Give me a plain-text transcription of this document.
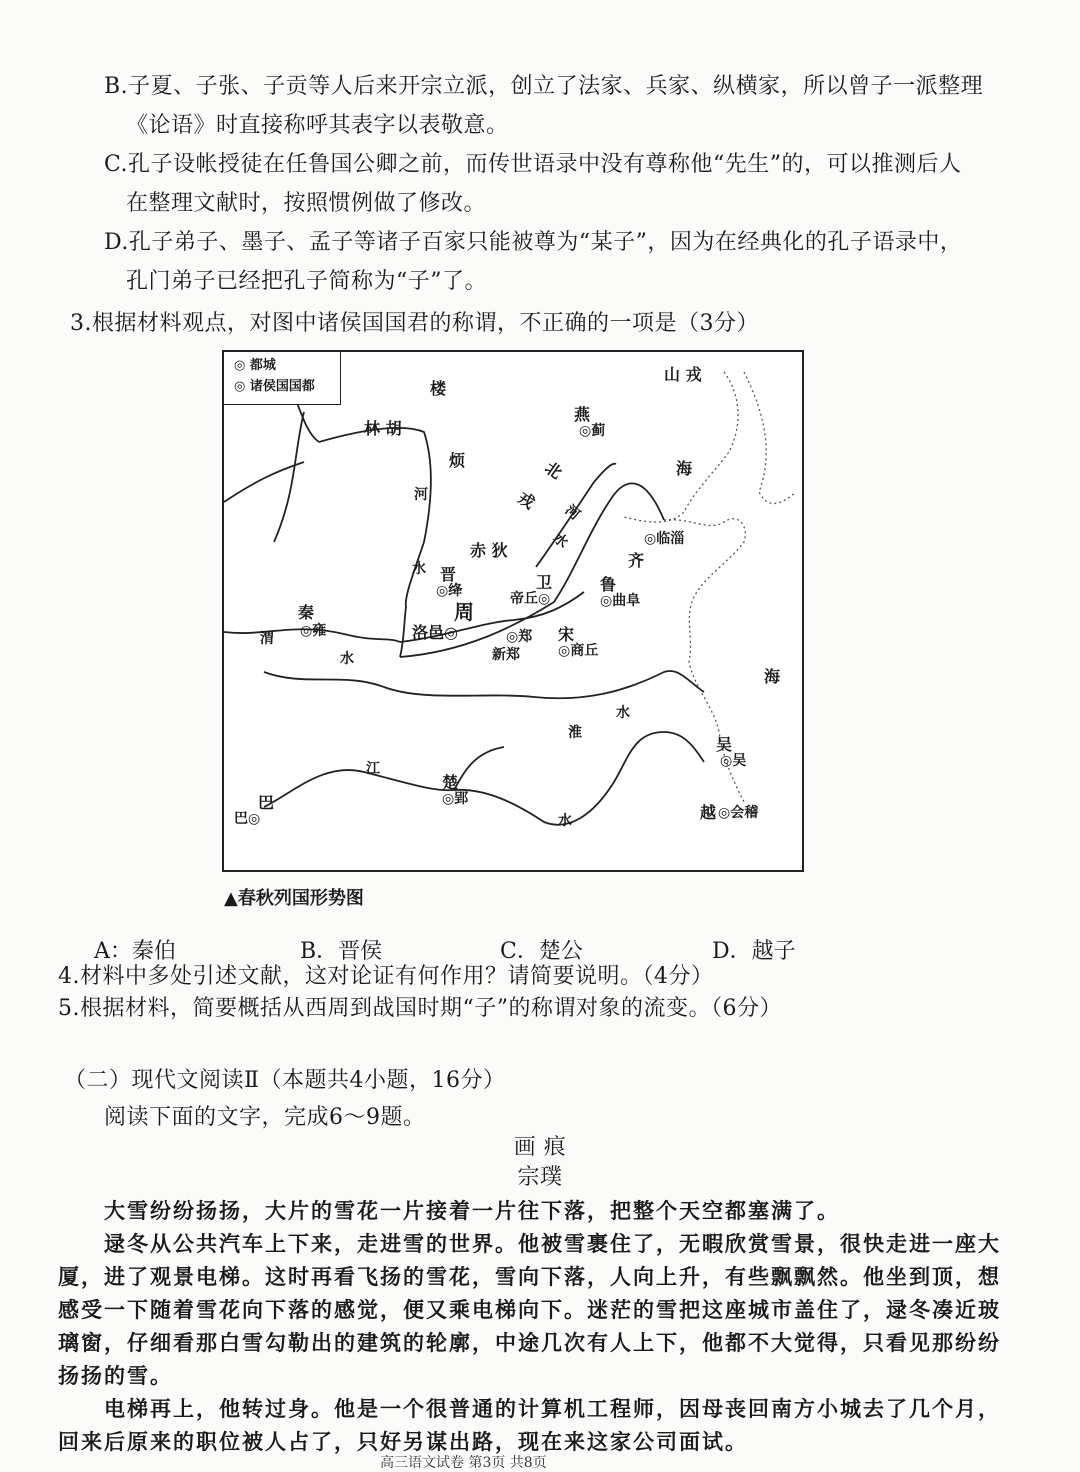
B.子夏、子张、子贡等人后来开宗立派，创立了法家、兵家、纵横家，所以曾子一派整理
《论语》时直接称呼其表字以表敬意。
C.孔子设帐授徒在任鲁国公卿之前，而传世语录中没有尊称他“先生”的，可以推测后人
在整理文献时，按照惯例做了修改。
D.孔子弟子、墨子、孟子等诸子百家只能被尊为“某子”，因为在经典化的孔子语录中，
孔门弟子已经把孔子简称为“子”了。
3.根据材料观点，对图中诸侯国国君的称谓，不正确的一项是（3分）
◎ 都城
◎ 诸侯国国都
山 戎
楼
林 胡
烦
燕
◎蓟
海
北
戎
河
河
水
水
赤 狄
◎临淄
齐
晋
◎绛	卫
帝丘◎
鲁
◎曲阜
秦
◎雍
周
洛邑◎	◎郑
新郑
宋
◎商丘
渭
水
海
淮
水
吴
◎吴
江
楚
◎郢
巴
巴◎	水	越 ◎会稽
▲春秋列国形势图
A：秦伯	B．晋侯	C．楚公	D．越子
4.材料中多处引述文献，这对论证有何作用？请简要说明。（4分）
5.根据材料，简要概括从西周到战国时期“子”的称谓对象的流变。（6分）
（二）现代文阅读Ⅱ（本题共4小题，16分）
阅读下面的文字，完成6～9题。
画 痕
宗璞
大雪纷纷扬扬，大片的雪花一片接着一片往下落，把整个天空都塞满了。
逯冬从公共汽车上下来，走进雪的世界。他被雪裹住了，无暇欣赏雪景，很快走进一座大
厦，进了观景电梯。这时再看飞扬的雪花，雪向下落，人向上升，有些飘飘然。他坐到顶，想
感受一下随着雪花向下落的感觉，便又乘电梯向下。迷茫的雪把这座城市盖住了，逯冬凑近玻
璃窗，仔细看那白雪勾勒出的建筑的轮廓，中途几次有人上下，他都不大觉得，只看见那纷纷
扬扬的雪。
电梯再上，他转过身。他是一个很普通的计算机工程师，因母丧回南方小城去了几个月，
回来后原来的职位被人占了，只好另谋出路，现在来这家公司面试。
高三语文试卷 第3页 共8页
